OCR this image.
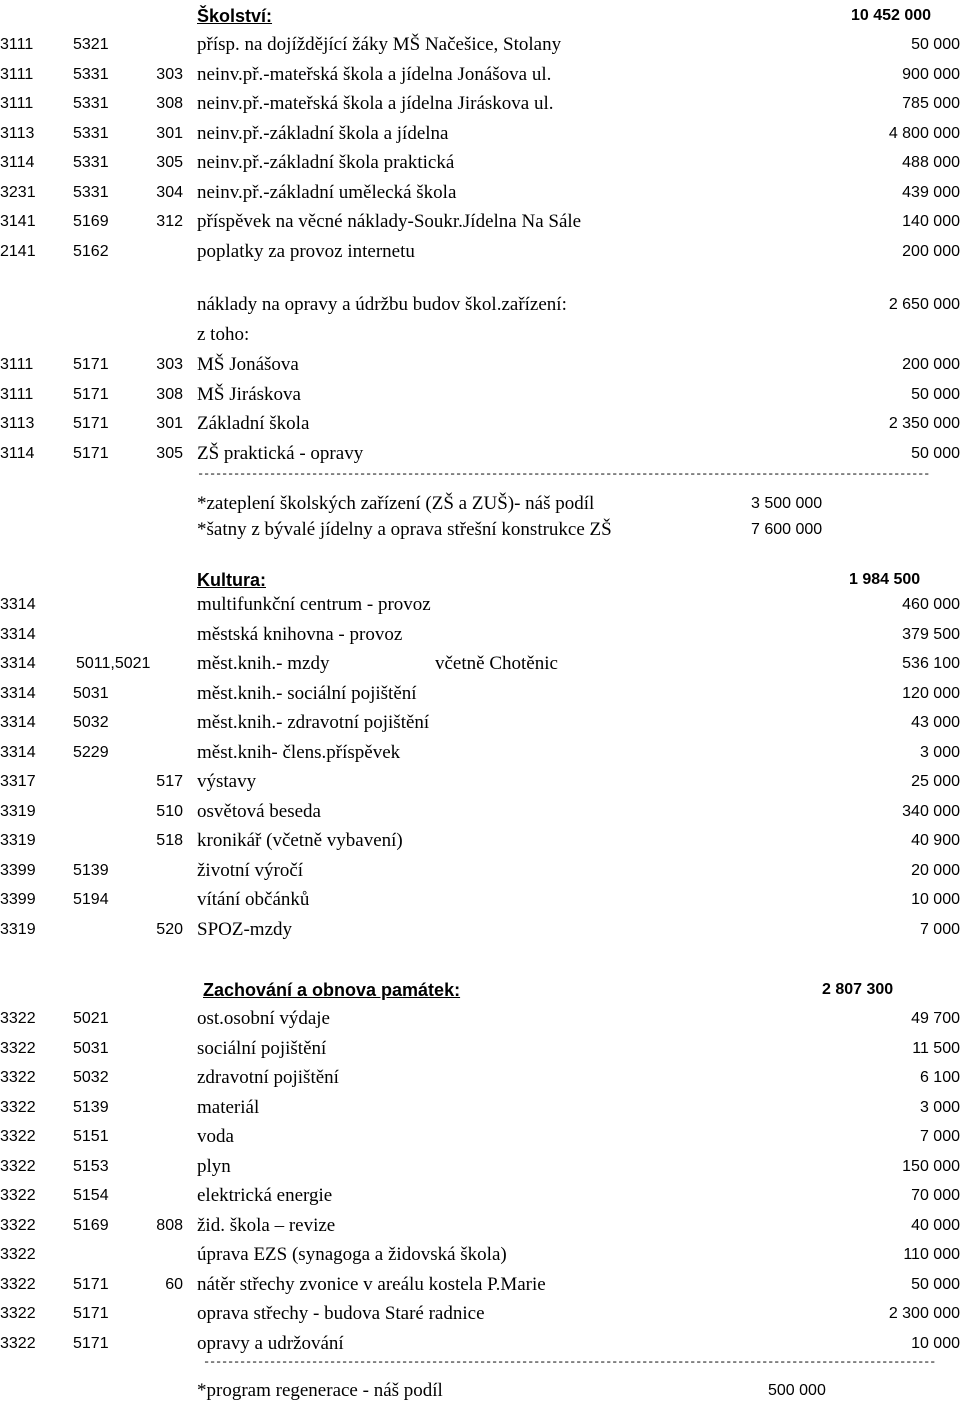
Školství:	10 452 000
3111 5321	přísp. na dojíždějící žáky MŠ Načešice, Stolany	50 000
3111 5331	303 neinv.př.-mateřská škola a jídelna Jonášova ul.	900 000
3111 5331	308 neinv.př.-mateřská škola a jídelna Jiráskova ul.	785 000
3113 5331	301 neinv.př.-základní škola a jídelna	4 800 000
3114 5331	305 neinv.př.-základní škola praktická	488 000
3231 5331	304 neinv.př.-základní umělecká škola	439 000
3141 5169	312 příspěvek na věcné náklady-Soukr.Jídelna Na Sále	140 000
2141 5162	poplatky za provoz internetu	200 000
náklady na opravy a údržbu budov škol.zařízení:	2 650 000
z toho:
3111 5171	303 MŠ Jonášova	200 000
3111 5171	308 MŠ Jiráskova	50 000
3113 5171	301 Základní škola	2 350 000
3114 5171	305 ZŠ praktická - opravy	50 000
--------------------------------------------------------------------------------------------------------------------------
*zateplení školských zařízení (ZŠ a ZUŠ)- náš podíl	3 500 000
*šatny z bývalé jídelny a oprava střešní konstrukce ZŠ	7 600 000
Kultura:	1 984 500
3314	multifunkční centrum - provoz	460 000
3314	městská knihovna - provoz	379 500
3314	5011,5021 měst.knih.- mzdy	včetně Chotěnic	536 100
3314 5031	měst.knih.- sociální pojištění	120 000
3314 5032	měst.knih.- zdravotní pojištění	43 000
3314 5229	měst.knih- člens.příspěvek	3 000
3317	517 výstavy	25 000
3319	510 osvětová beseda	340 000
3319	518 kronikář (včetně vybavení)	40 900
3399 5139	životní výročí	20 000
3399 5194	vítání občánků	10 000
3319	520 SPOZ-mzdy	7 000
Zachování a obnova památek:	2 807 300
3322 5021	ost.osobní výdaje	49 700
3322 5031	sociální pojištění	11 500
3322 5032	zdravotní pojištění	6 100
3322 5139	materiál	3 000
3322 5151	voda	7 000
3322 5153	plyn	150 000
3322 5154	elektrická energie	70 000
3322 5169	808 žid. škola – revize	40 000
3322	úprava EZS (synagoga a židovská škola)	110 000
3322 5171	60 nátěr střechy zvonice v areálu kostela P.Marie	50 000
3322 5171	oprava střechy - budova Staré radnice	2 300 000
3322 5171	opravy a udržování	10 000
--------------------------------------------------------------------------------------------------------------------------
*program regenerace - náš podíl	500 000
